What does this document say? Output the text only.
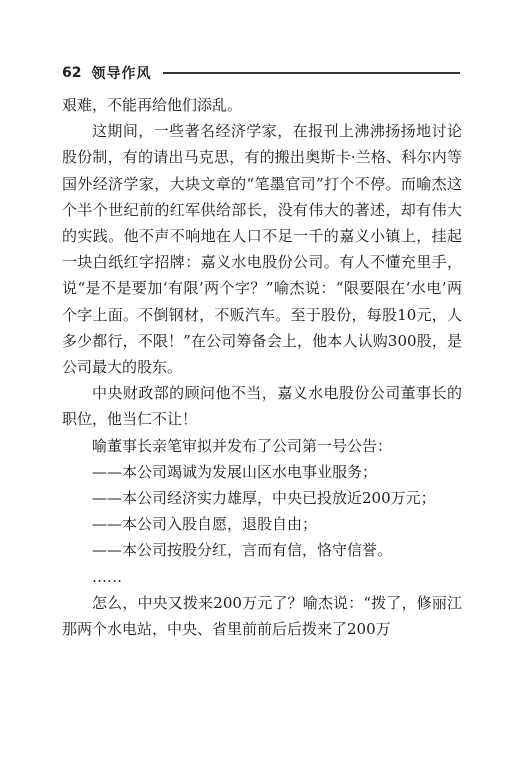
62 领导作风

艰难，不能再给他们添乱。

这期间，一些著名经济学家，在报刊上沸沸扬扬地讨论股份制，有的请出马克思，有的搬出奥斯卡·兰格、科尔内等国外经济学家，大块文章的“笔墨官司”打个不停。而喻杰这个半个世纪前的红军供给部长，没有伟大的著述，却有伟大的实践。他不声不响地在人口不足一千的嘉义小镇上，挂起一块白纸红字招牌：嘉义水电股份公司。有人不懂充里手，说“是不是要加‘有限’两个字？”喻杰说：“限要限在‘水电’两个字上面。不倒钢材，不贩汽车。至于股份，每股10元，人多少都行，不限！”在公司筹备会上，他本人认购300股，是公司最大的股东。

中央财政部的顾问他不当，嘉义水电股份公司董事长的职位，他当仁不让！

喻董事长亲笔审拟并发布了公司第一号公告：

——本公司竭诚为发展山区水电事业服务；

——本公司经济实力雄厚，中央已投放近200万元；

——本公司入股自愿，退股自由；

——本公司按股分红，言而有信，恪守信誉。

……

怎么，中央又拨来200万元了？喻杰说：“拨了，修丽江那两个水电站，中央、省里前前后后拨来了200万
